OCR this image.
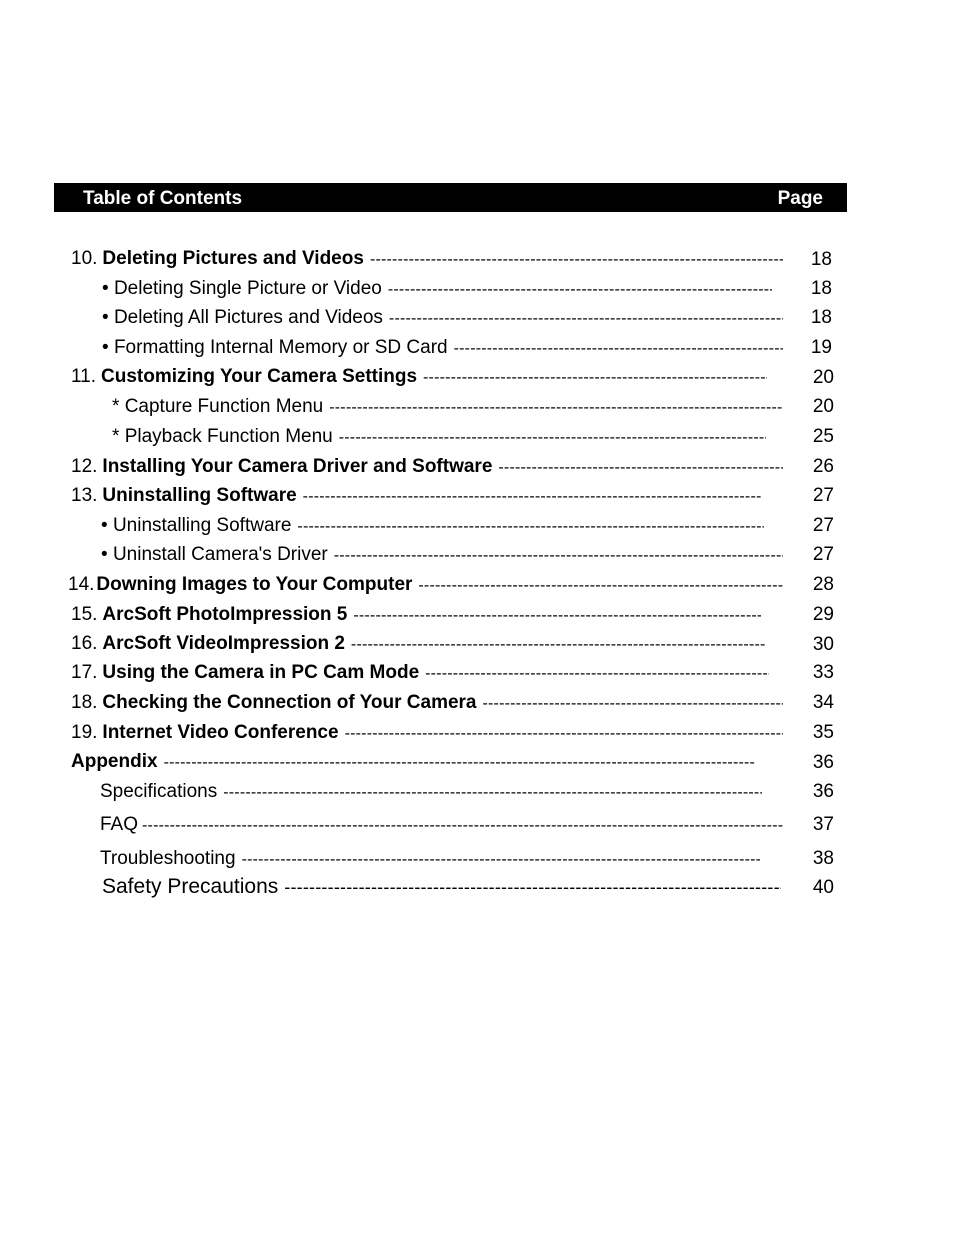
Table of Contents	Page
10. Deleting Pictures and Videos -----	18
•
Deleting Single Picture or Video -----	18
•
Deleting All Pictures and Videos -----	18
•
Formatting Internal Memory or SD Card -----	19
11. Customizing Your Camera Settings -----	20
*
Capture Function Menu -----	20
*
Playback Function Menu -----	25
12. Installing Your Camera Driver and Software -----	26
13. Uninstalling Software -----	27
•
Uninstalling Software -----	27
•
Uninstall Camera's Driver -----	27
14. Downing Images to Your Computer -----	28
15. ArcSoft PhotoImpression 5 -----	29
16. ArcSoft VideoImpression 2 -----	30
17. Using the Camera in PC Cam Mode -----	33
18. Checking the Connection of Your Camera -----	34
19. Internet Video Conference -----	35
Appendix -----	36
Specifications -----	36
FAQ -----	37
Troubleshooting -----	38
Safety Precautions -----	40
